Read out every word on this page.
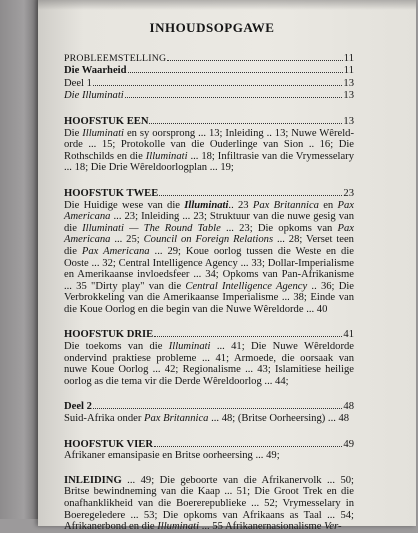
INHOUDSOPGAWE
PROBLEEMSTELLING	11
Die Waarheid	11
Deel 1	13
Die Illuminati	13
HOOFSTUK EEN	13
Die Illuminati en sy oorsprong ... 13; Inleiding .. 13; Nuwe Wêreld-orde ... 15; Protokolle van die Ouderlinge van Sion .. 16; Die Rothschilds en die Illuminati ... 18; Infiltrasie van die Vrymesselary ... 18; Die Drie Wêreldoorlogplan ... 19;
HOOFSTUK TWEE	23
Die Huidige wese van die Illuminati.. 23 Pax Britannica en Pax Americana ... 23; Inleiding ... 23; Struktuur van die nuwe gesig van die Illuminati — The Round Table ... 23; Die opkoms van Pax Americana ... 25; Council on Foreign Relations ... 28; Verset teen die Pax Americana ... 29; Koue oorlog tussen die Weste en die Ooste ... 32; Central Intelligence Agency ... 33; Dollar-Imperialisme en Amerikaanse invloedsfeer ... 34; Opkoms van Pan-Afrikanisme ... 35 "Dirty play" van die Central Intelligence Agency .. 36; Die Verbrokkeling van die Amerikaanse Imperialisme ... 38; Einde van die Koue Oorlog en die begin van die Nuwe Wêreldorde ... 40
HOOFSTUK DRIE	41
Die toekoms van die Illuminati ... 41; Die Nuwe Wêreldorde ondervind praktiese probleme ... 41; Armoede, die oorsaak van nuwe Koue Oorlog ... 42; Regionalisme ... 43; Islamitiese heilige oorlog as die tema vir die Derde Wêreldoorlog ... 44;
Deel 2	48
Suid-Afrika onder Pax Britannica ... 48; (Britse Oorheersing) ... 48
HOOFSTUK VIER	49
Afrikaner emansipasie en Britse oorheersing ... 49;
INLEIDING ... 49; Die geboorte van die Afrikanervolk ... 50; Britse bewindneming van die Kaap ... 51; Die Groot Trek en die onafhanklikheid van die Boererepublieke ... 52; Vrymesselary in Boeregeledere ... 53; Die opkoms van Afrikaans as Taal ... 54; Afrikanerbond en die Illuminati ... 55 Afrikanernasionalisme Ver-
